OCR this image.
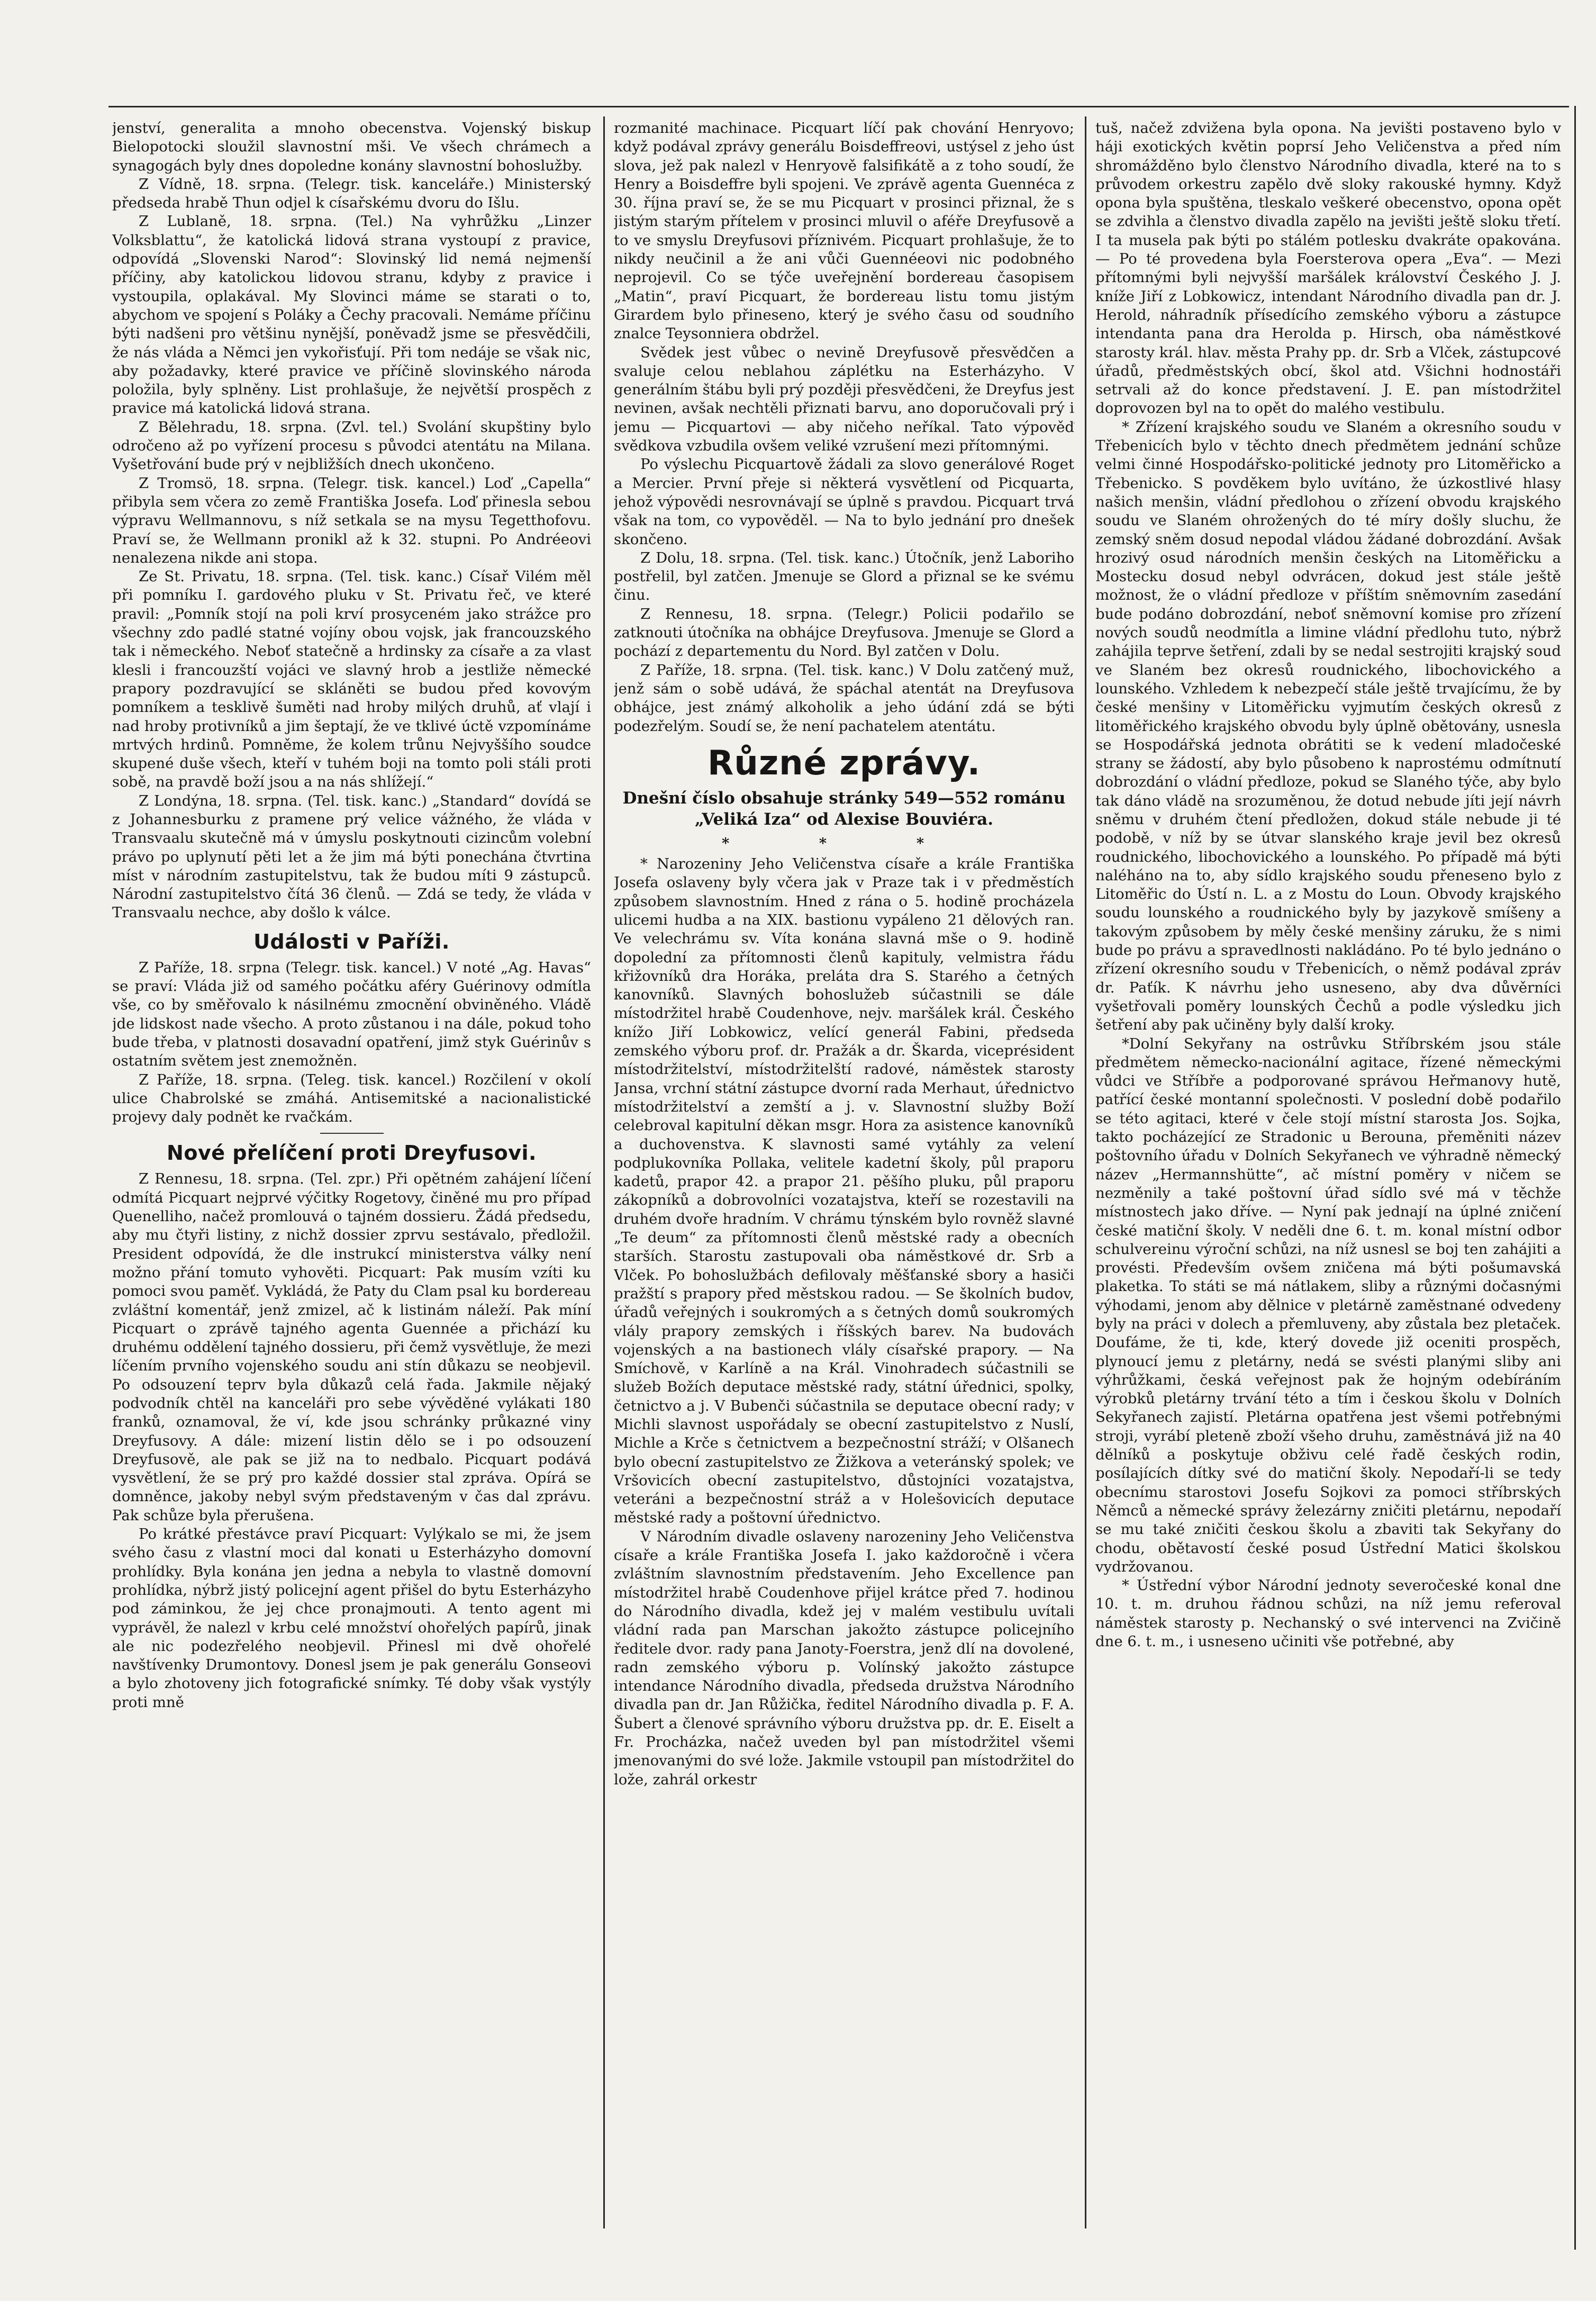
jenství, generalita a mnoho obecenstva. Vojenský biskup Bielopotocki sloužil slavnostní mši. Ve všech chrámech a synagogách byly dnes dopoledne konány slavnostní bohoslužby.

Z Vídně, 18. srpna. (Telegr. tisk. kanceláře.) Ministerský předseda hrabě Thun odjel k císařskému dvoru do Išlu.

Z Lublaně, 18. srpna. (Tel.) Na vyhrůžku „Linzer Volksblattu“, že katolická lidová strana vystoupí z pravice, odpovídá „Slovenski Narod“: Slovinský lid nemá nejmenší příčiny, aby katolickou lidovou stranu, kdyby z pravice i vystoupila, oplakával. My Slovinci máme se starati o to, abychom ve spojení s Poláky a Čechy pracovali. Nemáme příčinu býti nadšeni pro většinu nynější, poněvadž jsme se přesvědčili, že nás vláda a Němci jen vykořisťují. Při tom nedáje se však nic, aby požadavky, které pravice ve příčině slovinského národa položila, byly splněny. List prohlašuje, že největší prospěch z pravice má katolická lidová strana.

Z Bělehradu, 18. srpna. (Zvl. tel.) Svolání skupštiny bylo odročeno až po vyřízení procesu s původci atentátu na Milana. Vyšetřování bude prý v nejbližších dnech ukončeno.

Z Tromsö, 18. srpna. (Telegr. tisk. kancel.) Loď „Capella“ přibyla sem včera zo země Františka Josefa. Loď přinesla sebou výpravu Wellmannovu, s níž setkala se na mysu Tegetthofovu. Praví se, že Wellmann pronikl až k 32. stupni. Po Andréeovi nenalezena nikde ani stopa.

Ze St. Privatu, 18. srpna. (Tel. tisk. kanc.) Císař Vilém měl při pomníku I. gardového pluku v St. Privatu řeč, ve které pravil: „Pomník stojí na poli krví prosyceném jako strážce pro všechny zdo padlé statné vojíny obou vojsk, jak francouzského tak i německého. Neboť statečně a hrdinsky za císaře a za vlast klesli i francouzští vojáci ve slavný hrob a jestliže německé prapory pozdravující se skláněti se budou před kovovým pomníkem a tesklivě šuměti nad hroby milých druhů, ať vlají i nad hroby protivníků a jim šeptají, že ve tklivé úctě vzpomínáme mrtvých hrdinů. Pomněme, že kolem trůnu Nejvyššího soudce skupené duše všech, kteří v tuhém boji na tomto poli stáli proti sobě, na pravdě boží jsou a na nás shlížejí.“

Z Londýna, 18. srpna. (Tel. tisk. kanc.) „Standard“ dovídá se z Johannesburku z pramene prý velice vážného, že vláda v Transvaalu skutečně má v úmyslu poskytnouti cizincům volební právo po uplynutí pěti let a že jim má býti ponechána čtvrtina míst v národním zastupitelstvu, tak že budou míti 9 zástupců. Národní zastupitelstvo čítá 36 členů. — Zdá se tedy, že vláda v Transvaalu nechce, aby došlo k válce.

Události v Paříži.

Z Paříže, 18. srpna (Telegr. tisk. kancel.) V noté „Ag. Havas“ se praví: Vláda již od samého počátku aféry Guérinovy odmítla vše, co by směřovalo k násilnému zmocnění obviněného. Vládě jde lidskost nade všecho. A proto zůstanou i na dále, pokud toho bude třeba, v platnosti dosavadní opatření, jimž styk Guérinův s ostatním světem jest znemožněn.

Z Paříže, 18. srpna. (Teleg. tisk. kancel.) Rozčilení v okolí ulice Chabrolské se zmáhá. Antisemitské a nacionalistické projevy daly podnět ke rvačkám.

Nové přelíčení proti Dreyfusovi.

Z Rennesu, 18. srpna. (Tel. zpr.) Při opětném zahájení líčení odmítá Picquart nejprvé výčitky Rogetovy, činěné mu pro případ Quenelliho, načež promlouvá o tajném dossieru. Žádá předsedu, aby mu čtyři listiny, z nichž dossier zprvu sestávalo, předložil. President odpovídá, že dle instrukcí ministerstva války není možno přání tomuto vyhověti. Picquart: Pak musím vzíti ku pomoci svou paměť. Vykládá, že Paty du Clam psal ku bordereau zvláštní komentář, jenž zmizel, ač k listinám náleží. Pak míní Picquart o zprávě tajného agenta Guennée a přichází ku druhému oddělení tajného dossieru, při čemž vysvětluje, že mezi líčením prvního vojenského soudu ani stín důkazu se neobjevil. Po odsouzení teprv byla důkazů celá řada. Jakmile nějaký podvodník chtěl na kanceláři pro sebe vývěděné vylákati 180 franků, oznamoval, že ví, kde jsou schránky průkazné viny Dreyfusovy. A dále: mizení listin dělo se i po odsouzení Dreyfusově, ale pak se již na to nedbalo. Picquart podává vysvětlení, že se prý pro každé dossier stal zpráva. Opírá se domněnce, jakoby nebyl svým představeným v čas dal zprávu. Pak schůze byla přerušena.

Po krátké přestávce praví Picquart: Vylýkalo se mi, že jsem svého času z vlastní moci dal konati u Esterházyho domovní prohlídky. Byla konána jen jedna a nebyla to vlastně domovní prohlídka, nýbrž jistý policejní agent přišel do bytu Esterházyho pod záminkou, že jej chce pronajmouti. A tento agent mi vyprávěl, že nalezl v krbu celé množství ohořelých papírů, jinak ale nic podezřelého neobjevil. Přinesl mi dvě ohořelé navštívenky Drumontovy. Donesl jsem je pak generálu Gonseovi a bylo zhotoveny jich fotografické snímky. Té doby však vystýly proti mně

rozmanité machinace. Picquart líčí pak chování Henryovo; když podával zprávy generálu Boisdeffreovi, ustýsel z jeho úst slova, jež pak nalezl v Henryově falsifikátě a z toho soudí, že Henry a Boisdeffre byli spojeni. Ve zprávě agenta Guennéca z 30. října praví se, že se mu Picquart v prosinci přiznal, že s jistým starým přítelem v prosinci mluvil o aféře Dreyfusově a to ve smyslu Dreyfusovi příznivém. Picquart prohlašuje, že to nikdy neučinil a že ani vůči Guennéeovi nic podobného neprojevil. Co se týče uveřejnění bordereau časopisem „Matin“, praví Picquart, že bordereau listu tomu jistým Girardem bylo přineseno, který je svého času od soudního znalce Teysonniera obdržel.

Svědek jest vůbec o nevině Dreyfusově přesvědčen a svaluje celou neblahou záplétku na Esterházyho. V generálním štábu byli prý později přesvědčeni, že Dreyfus jest nevinen, avšak nechtěli přiznati barvu, ano doporučovali prý i jemu — Picquartovi — aby ničeho neříkal. Tato výpověď svědkova vzbudila ovšem veliké vzrušení mezi přítomnými.

Po výslechu Picquartově žádali za slovo generálové Roget a Mercier. První přeje si některá vysvětlení od Picquarta, jehož výpovědi nesrovnávají se úplně s pravdou. Picquart trvá však na tom, co vypověděl. — Na to bylo jednání pro dnešek skončeno.

Z Dolu, 18. srpna. (Tel. tisk. kanc.) Útočník, jenž Laboriho postřelil, byl zatčen. Jmenuje se Glord a přiznal se ke svému činu.

Z Rennesu, 18. srpna. (Telegr.) Policii podařilo se zatknouti útočníka na obhájce Dreyfusova. Jmenuje se Glord a pochází z departementu du Nord. Byl zatčen v Dolu.

Z Paříže, 18. srpna. (Tel. tisk. kanc.) V Dolu zatčený muž, jenž sám o sobě udává, že spáchal atentát na Dreyfusova obhájce, jest známý alkoholik a jeho údání zdá se býti podezřelým. Soudí se, že není pachatelem atentátu.

Různé zprávy.
Dnešní číslo obsahuje stránky 549—552 románu „Veliká Iza“ od Alexise Bouviéra.
* * *

* Narozeniny Jeho Veličenstva císaře a krále Františka Josefa oslaveny byly včera jak v Praze tak i v předměstích způsobem slavnostním. Hned z rána o 5. hodině procházela ulicemi hudba a na XIX. bastionu vypáleno 21 dělových ran. Ve velechrámu sv. Víta konána slavná mše o 9. hodině dopolední za přítomnosti členů kapituly, velmistra řádu křižovníků dra Horáka, preláta dra S. Starého a četných kanovníků. Slavných bohoslužeb súčastnili se dále místodržitel hrabě Coudenhove, nejv. maršálek král. Českého knížo Jiří Lobkowicz, velící generál Fabini, předseda zemského výboru prof. dr. Pražák a dr. Škarda, viceprésident místodržitelství, místodržitelští radové, náměstek starosty Jansa, vrchní státní zástupce dvorní rada Merhaut, úřednictvo místodržitelství a zemští a j. v. Slavnostní služby Boží celebroval kapitulní děkan msgr. Hora za asistence kanovníků a duchovenstva. K slavnosti samé vytáhly za velení podplukovníka Pollaka, velitele kadetní školy, půl praporu kadetů, prapor 42. a prapor 21. pěšího pluku, půl praporu zákopníků a dobrovolníci vozatajstva, kteří se rozestavili na druhém dvoře hradním. V chrámu týnském bylo rovněž slavné „Te deum“ za přítomnosti členů městské rady a obecních starších. Starostu zastupovali oba náměstkové dr. Srb a Vlček. Po bohoslužbách defilovaly měšťanské sbory a hasiči pražští s prapory před městskou radou. — Se školních budov, úřadů veřejných i soukromých a s četných domů soukromých vlály prapory zemských i říšských barev. Na budovách vojenských a na bastionech vlály císařské prapory. — Na Smíchově, v Karlíně a na Král. Vinohradech súčastnili se služeb Božích deputace městské rady, státní úřednici, spolky, četnictvo a j. V Bubenči súčastnila se deputace obecní rady; v Michli slavnost uspořádaly se obecní zastupitelstvo z Nuslí, Michle a Krče s četnictvem a bezpečnostní stráží; v Olšanech bylo obecní zastupitelstvo ze Žižkova a veteránský spolek; ve Vršovicích obecní zastupitelstvo, důstojníci vozatajstva, veteráni a bezpečnostní stráž a v Holešovicích deputace městské rady a poštovní úřednictvo.

V Národním divadle oslaveny narozeniny Jeho Veličenstva císaře a krále Františka Josefa I. jako každoročně i včera zvláštním slavnostním představením. Jeho Excellence pan místodržitel hrabě Coudenhove přijel krátce před 7. hodinou do Národního divadla, kdež jej v malém vestibulu uvítali vládní rada pan Marschan jakožto zástupce policejního ředitele dvor. rady pana Janoty-Foerstra, jenž dlí na dovolené, radn zemského výboru p. Volínský jakožto zástupce intendance Národního divadla, předseda družstva Národního divadla pan dr. Jan Růžička, ředitel Národního divadla p. F. A. Šubert a členové správního výboru družstva pp. dr. E. Eiselt a Fr. Procházka, načež uveden byl pan místodržitel všemi jmenovanými do své lože. Jakmile vstoupil pan místodržitel do lože, zahrál orkestr

tuš, načež zdvižena byla opona. Na jevišti postaveno bylo v háji exotických květin poprsí Jeho Veličenstva a před ním shromážděno bylo členstvo Národního divadla, které na to s průvodem orkestru zapělo dvě sloky rakouské hymny. Když opona byla spuštěna, tleskalo veškeré obecenstvo, opona opět se zdvihla a členstvo divadla zapělo na jevišti ještě sloku třetí. I ta musela pak býti po stálém potlesku dvakráte opakována. — Po té provedena byla Foersterova opera „Eva“. — Mezi přítomnými byli nejvyšší maršálek království Českého J. J. kníže Jiří z Lobkowicz, intendant Národního divadla pan dr. J. Herold, náhradník přísedícího zemského výboru a zástupce intendanta pana dra Herolda p. Hirsch, oba náměstkové starosty král. hlav. města Prahy pp. dr. Srb a Vlček, zástupcové úřadů, předměstských obcí, škol atd. Všichni hodnostáři setrvali až do konce představení. J. E. pan místodržitel doprovozen byl na to opět do malého vestibulu.

* Zřízení krajského soudu ve Slaném a okresního soudu v Třebenicích bylo v těchto dnech předmětem jednání schůze velmi činné Hospodářsko-politické jednoty pro Litoměřicko a Třebenicko. S povděkem bylo uvítáno, že úzkostlivé hlasy našich menšin, vládní předlohou o zřízení obvodu krajského soudu ve Slaném ohrožených do té míry došly sluchu, že zemský sněm dosud nepodal vládou žádané dobrozdání. Avšak hrozivý osud národních menšin českých na Litoměřicku a Mostecku dosud nebyl odvrácen, dokud jest stále ještě možnost, že o vládní předloze v příštím sněmovním zasedání bude podáno dobrozdání, neboť sněmovní komise pro zřízení nových soudů neodmítla a limine vládní předlohu tuto, nýbrž zahájila teprve šetření, zdali by se nedal sestrojiti krajský soud ve Slaném bez okresů roudnického, libochovického a lounského. Vzhledem k nebezpečí stále ještě trvajícímu, že by české menšiny v Litoměřicku vyjmutím českých okresů z litoměřického krajského obvodu byly úplně obětovány, usnesla se Hospodářská jednota obrátiti se k vedení mladočeské strany se žádostí, aby bylo působeno k naprostému odmítnutí dobrozdání o vládní předloze, pokud se Slaného týče, aby bylo tak dáno vládě na srozuměnou, že dotud nebude jíti její návrh sněmu v druhém čtení předložen, dokud stále nebude ji té podobě, v níž by se útvar slanského kraje jevil bez okresů roudnického, libochovického a lounského. Po případě má býti naléháno na to, aby sídlo krajského soudu přeneseno bylo z Litoměřic do Ústí n. L. a z Mostu do Loun. Obvody krajského soudu lounského a roudnického byly by jazykově smíšeny a takovým způsobem by měly české menšiny záruku, že s nimi bude po právu a spravedlnosti nakládáno. Po té bylo jednáno o zřízení okresního soudu v Třebenicích, o němž podával zpráv dr. Paťík. K návrhu jeho usneseno, aby dva důvěrníci vyšetřovali poměry lounských Čechů a podle výsledku jich šetření aby pak učiněny byly další kroky.

*Dolní Sekyřany na ostrůvku Stříbrském jsou stále předmětem německo-nacionální agitace, řízené německými vůdci ve Stříbře a podporované správou Heřmanovy hutě, patřící české montanní společnosti. V poslední době podařilo se této agitaci, které v čele stojí místní starosta Jos. Sojka, takto pocházející ze Stradonic u Berouna, přeměniti název poštovního úřadu v Dolních Sekyřanech ve výhradně německý název „Hermannshütte“, ač místní poměry v ničem se nezměnily a také poštovní úřad sídlo své má v těchže místnostech jako dříve. — Nyní pak jednají na úplné zničení české matiční školy. V neděli dne 6. t. m. konal místní odbor schulvereinu výroční schůzi, na níž usnesl se boj ten zahájiti a provésti. Především ovšem zničena má býti pošumavská plaketka. To státi se má nátlakem, sliby a různými dočasnými výhodami, jenom aby dělnice v pletárně zaměstnané odvedeny byly na práci v dolech a přemluveny, aby zůstala bez pletaček. Doufáme, že ti, kde, který dovede již oceniti prospěch, plynoucí jemu z pletárny, nedá se svésti planými sliby ani výhrůžkami, česká veřejnost pak že hojným odebíráním výrobků pletárny trvání této a tím i českou školu v Dolních Sekyřanech zajistí. Pletárna opatřena jest všemi potřebnými stroji, vyrábí pleteně zboží všeho druhu, zaměstnává již na 40 dělníků a poskytuje obživu celé řadě českých rodin, posílajících dítky své do matiční školy. Nepodaří-li se tedy obecnímu starostovi Josefu Sojkovi za pomoci stříbrských Němců a německé správy železárny zničiti pletárnu, nepodaří se mu také zničiti českou školu a zbaviti tak Sekyřany do chodu, obětavostí české posud Ústřední Matici školskou vydržovanou.

* Ústřední výbor Národní jednoty severočeské konal dne 10. t. m. druhou řádnou schůzi, na níž jemu referoval náměstek starosty p. Nechanský o své intervenci na Zvičině dne 6. t. m., i usneseno učiniti vše potřebné, aby
